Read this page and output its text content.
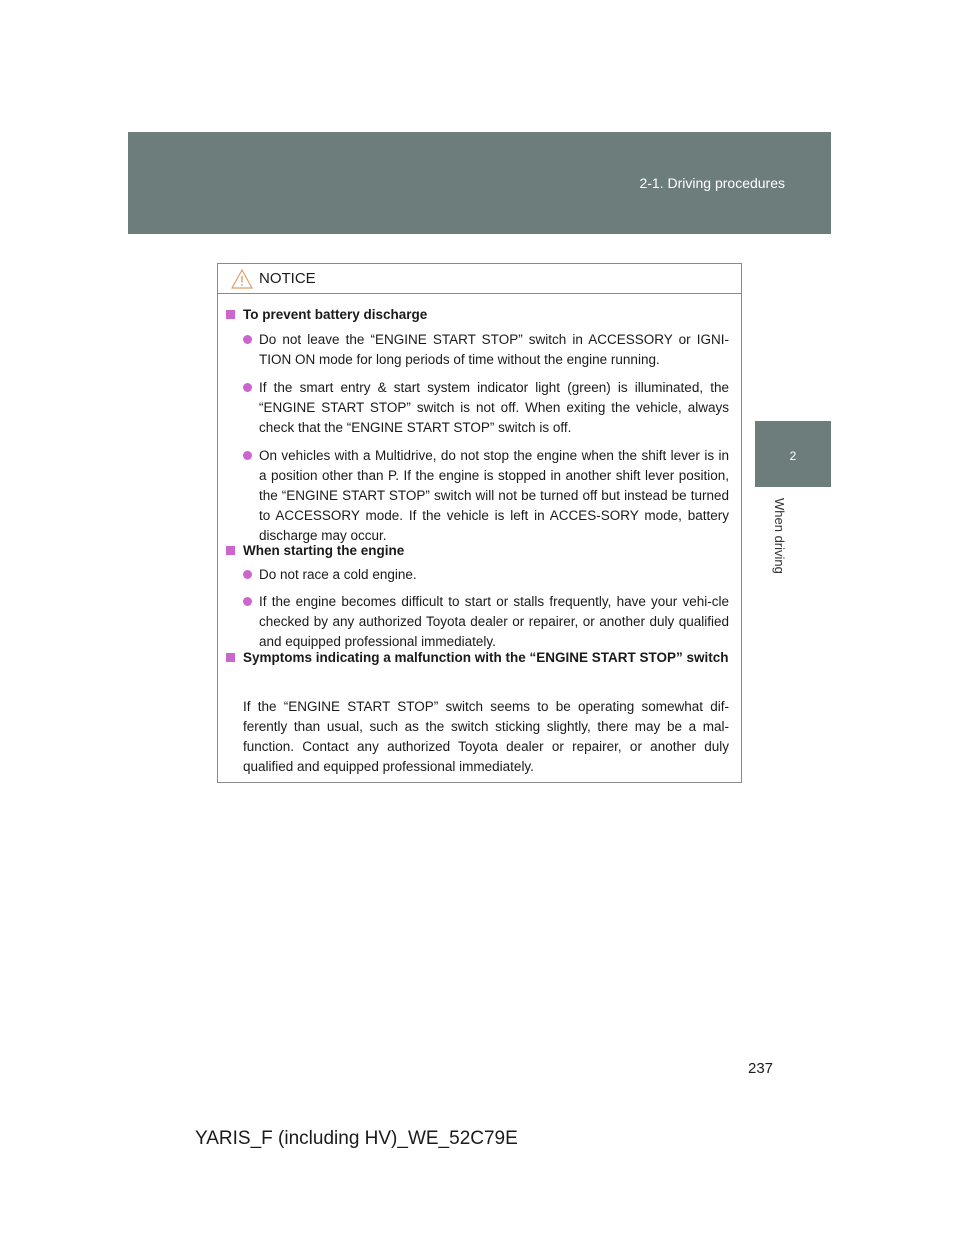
2-1. Driving procedures
2
When driving
NOTICE
To prevent battery discharge
Do not leave the “ENGINE START STOP” switch in ACCESSORY or IGNI-TION ON mode for long periods of time without the engine running.
If the smart entry & start system indicator light (green) is illuminated, the “ENGINE START STOP” switch is not off. When exiting the vehicle, always check that the “ENGINE START STOP” switch is off.
On vehicles with a Multidrive, do not stop the engine when the shift lever is in a position other than P. If the engine is stopped in another shift lever position, the “ENGINE START STOP” switch will not be turned off but instead be turned to ACCESSORY mode. If the vehicle is left in ACCES-SORY mode, battery discharge may occur.
When starting the engine
Do not race a cold engine.
If the engine becomes difficult to start or stalls frequently, have your vehi-cle checked by any authorized Toyota dealer or repairer, or another duly qualified and equipped professional immediately.
Symptoms indicating a malfunction with the “ENGINE START STOP” switch
If the “ENGINE START STOP” switch seems to be operating somewhat dif-ferently than usual, such as the switch sticking slightly, there may be a mal-function. Contact any authorized Toyota dealer or repairer, or another duly qualified and equipped professional immediately.
237
YARIS_F (including HV)_WE_52C79E
